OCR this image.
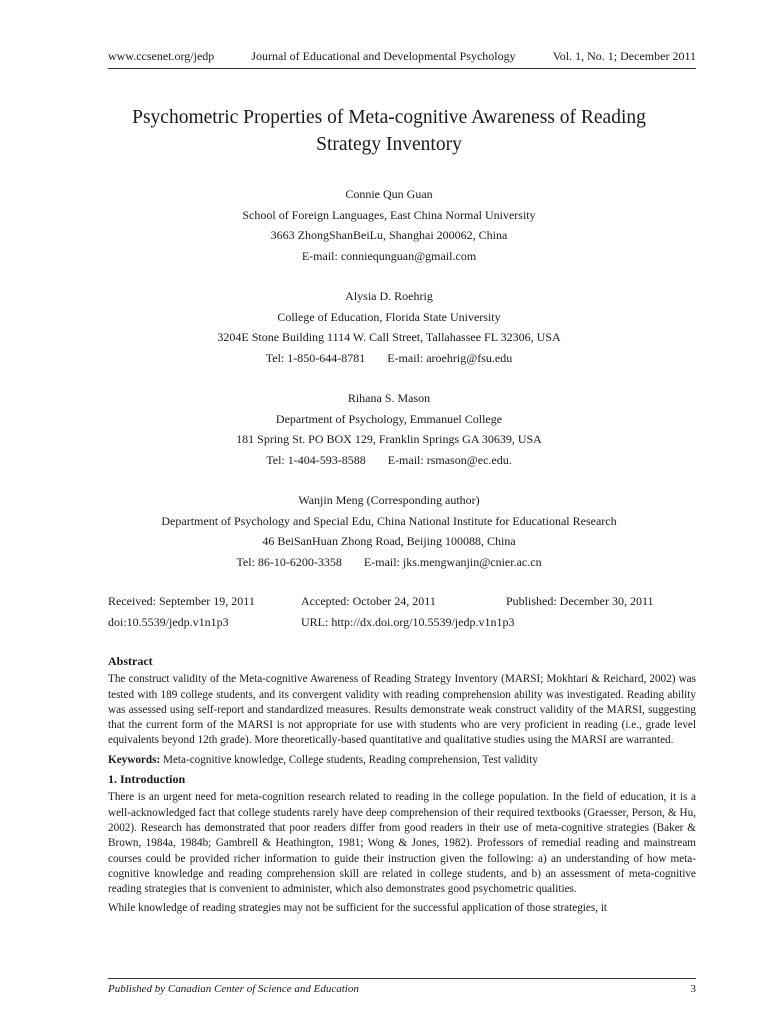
www.ccsenet.org/jedp	Journal of Educational and Developmental Psychology	Vol. 1, No. 1; December 2011
Psychometric Properties of Meta-cognitive Awareness of Reading
Strategy Inventory
Connie Qun Guan
School of Foreign Languages, East China Normal University
3663 ZhongShanBeiLu, Shanghai 200062, China
E-mail: conniequnguan@gmail.com
Alysia D. Roehrig
College of Education, Florida State University
3204E Stone Building 1114 W. Call Street, Tallahassee FL 32306, USA
Tel: 1-850-644-8781 E-mail: aroehrig@fsu.edu
Rihana S. Mason
Department of Psychology, Emmanuel College
181 Spring St. PO BOX 129, Franklin Springs GA 30639, USA
Tel: 1-404-593-8588 E-mail: rsmason@ec.edu.
Wanjin Meng (Corresponding author)
Department of Psychology and Special Edu, China National Institute for Educational Research
46 BeiSanHuan Zhong Road, Beijing 100088, China
Tel: 86-10-6200-3358 E-mail: jks.mengwanjin@cnier.ac.cn
Received: September 19, 2011	Accepted: October 24, 2011	Published: December 30, 2011
doi:10.5539/jedp.v1n1p3	URL: http://dx.doi.org/10.5539/jedp.v1n1p3
Abstract

The construct validity of the Meta-cognitive Awareness of Reading Strategy Inventory (MARSI; Mokhtari & Reichard, 2002) was tested with 189 college students, and its convergent validity with reading comprehension ability was investigated. Reading ability was assessed using self-report and standardized measures. Results demonstrate weak construct validity of the MARSI, suggesting that the current form of the MARSI is not appropriate for use with students who are very proficient in reading (i.e., grade level equivalents beyond 12th grade). More theoretically-based quantitative and qualitative studies using the MARSI are warranted.

Keywords: Meta-cognitive knowledge, College students, Reading comprehension, Test validity

1. Introduction

There is an urgent need for meta-cognition research related to reading in the college population. In the field of education, it is a well-acknowledged fact that college students rarely have deep comprehension of their required textbooks (Graesser, Person, & Hu, 2002). Research has demonstrated that poor readers differ from good readers in their use of meta-cognitive strategies (Baker & Brown, 1984a, 1984b; Gambrell & Heathington, 1981; Wong & Jones, 1982). Professors of remedial reading and mainstream courses could be provided richer information to guide their instruction given the following: a) an understanding of how meta-cognitive knowledge and reading comprehension skill are related in college students, and b) an assessment of meta-cognitive reading strategies that is convenient to administer, which also demonstrates good psychometric qualities.

While knowledge of reading strategies may not be sufficient for the successful application of those strategies, it

Published by Canadian Center of Science and Education	3
